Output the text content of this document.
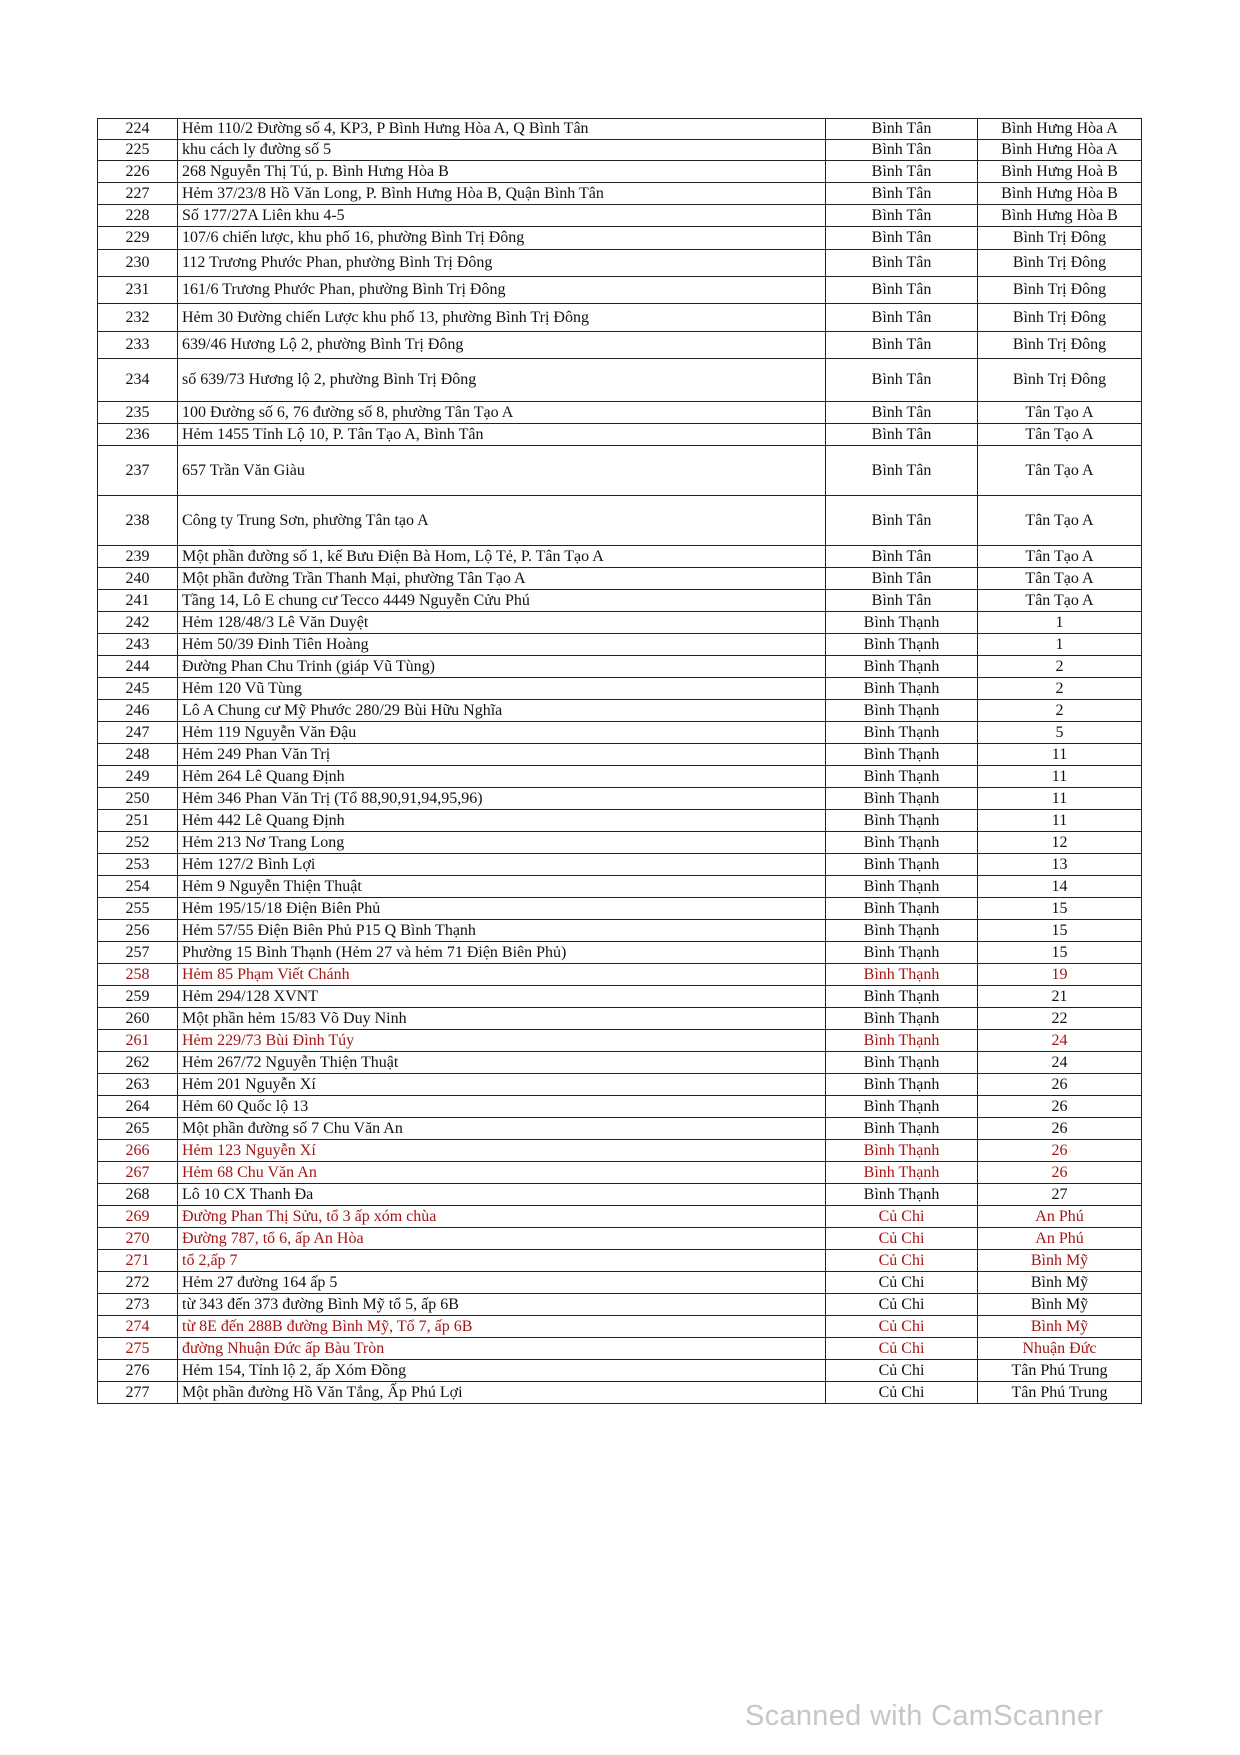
224	Hẻm 110/2 Đường số 4, KP3, P Bình Hưng Hòa A, Q Bình Tân	Bình Tân	Bình Hưng Hòa A
225	khu cách ly đường số 5	Bình Tân	Bình Hưng Hòa A
226	268 Nguyễn Thị Tú, p. Bình Hưng Hòa B	Bình Tân	Bình Hưng Hoà B
227	Hẻm 37/23/8 Hồ Văn Long, P. Bình Hưng Hòa B, Quận Bình Tân	Bình Tân	Bình Hưng Hòa B
228	Số 177/27A Liên khu 4-5	Bình Tân	Bình Hưng Hòa B
229	107/6 chiến lược, khu phố 16, phường Bình Trị Đông	Bình Tân	Bình Trị Đông
230	112 Trương Phước Phan, phường Bình Trị Đông	Bình Tân	Bình Trị Đông
231	161/6 Trương Phước Phan, phường Bình Trị Đông	Bình Tân	Bình Trị Đông
232	Hẻm 30 Đường chiến Lược khu phố 13, phường Bình Trị Đông	Bình Tân	Bình Trị Đông
233	639/46 Hương Lộ 2, phường Bình Trị Đông	Bình Tân	Bình Trị Đông
234	số 639/73 Hương lộ 2, phường Bình Trị Đông	Bình Tân	Bình Trị Đông
235	100 Đường số 6, 76 đường số 8, phường Tân Tạo A	Bình Tân	Tân Tạo A
236	Hẻm 1455 Tỉnh Lộ 10, P. Tân Tạo A, Bình Tân	Bình Tân	Tân Tạo A
237	657 Trần Văn Giàu	Bình Tân	Tân Tạo A
238	Công ty Trung Sơn, phường Tân tạo A	Bình Tân	Tân Tạo A
239	Một phần đường số 1, kế Bưu Điện Bà Hom, Lộ Tẻ, P. Tân Tạo A	Bình Tân	Tân Tạo A
240	Một phần đường Trần Thanh Mại, phường Tân Tạo A	Bình Tân	Tân Tạo A
241	Tầng 14, Lô E chung cư Tecco 4449 Nguyễn Cửu Phú	Bình Tân	Tân Tạo A
242	Hẻm 128/48/3 Lê Văn Duyệt	Bình Thạnh	1
243	Hẻm 50/39 Đinh Tiên Hoàng	Bình Thạnh	1
244	Đường Phan Chu Trinh (giáp Vũ Tùng)	Bình Thạnh	2
245	Hẻm 120 Vũ Tùng	Bình Thạnh	2
246	Lô A Chung cư Mỹ Phước 280/29 Bùi Hữu Nghĩa	Bình Thạnh	2
247	Hẻm 119 Nguyễn Văn Đậu	Bình Thạnh	5
248	Hẻm 249 Phan Văn Trị	Bình Thạnh	11
249	Hẻm 264 Lê Quang Định	Bình Thạnh	11
250	Hẻm 346 Phan Văn Trị (Tổ 88,90,91,94,95,96)	Bình Thạnh	11
251	Hẻm 442 Lê Quang Định	Bình Thạnh	11
252	Hẻm 213 Nơ Trang Long	Bình Thạnh	12
253	Hẻm 127/2 Bình Lợi	Bình Thạnh	13
254	Hẻm 9 Nguyễn Thiện Thuật	Bình Thạnh	14
255	Hẻm 195/15/18 Điện Biên Phủ	Bình Thạnh	15
256	Hẻm 57/55 Điện Biên Phủ P15 Q Bình Thạnh	Bình Thạnh	15
257	Phường 15 Bình Thạnh (Hẻm 27 và hẻm 71 Điện Biên Phủ)	Bình Thạnh	15
258	Hẻm 85 Phạm Viết Chánh	Bình Thạnh	19
259	Hẻm 294/128 XVNT	Bình Thạnh	21
260	Một phần hẻm 15/83 Võ Duy Ninh	Bình Thạnh	22
261	Hẻm 229/73 Bùi Đình Túy	Bình Thạnh	24
262	Hẻm 267/72 Nguyễn Thiện Thuật	Bình Thạnh	24
263	Hẻm 201 Nguyễn Xí	Bình Thạnh	26
264	Hẻm 60 Quốc lộ 13	Bình Thạnh	26
265	Một phần đường số 7 Chu Văn An	Bình Thạnh	26
266	Hẻm 123 Nguyễn Xí	Bình Thạnh	26
267	Hẻm 68 Chu Văn An	Bình Thạnh	26
268	Lô 10 CX Thanh Đa	Bình Thạnh	27
269	Đường Phan Thị Sửu, tổ 3 ấp xóm chùa	Củ Chi	An Phú
270	Đường 787, tổ 6, ấp An Hòa	Củ Chi	An Phú
271	tổ 2,ấp 7	Củ Chi	Bình Mỹ
272	Hẻm 27 đường 164 ấp 5	Củ Chi	Bình Mỹ
273	từ 343 đến 373 đường Bình Mỹ tổ 5, ấp 6B	Củ Chi	Bình Mỹ
274	từ 8E đến 288B đường Bình Mỹ, Tổ 7, ấp 6B	Củ Chi	Bình Mỹ
275	đường Nhuận Đức ấp Bàu Tròn	Củ Chi	Nhuận Đức
276	Hẻm 154, Tỉnh lộ 2, ấp Xóm Đồng	Củ Chi	Tân Phú Trung
277	Một phần đường Hồ Văn Tắng, Ấp Phú Lợi	Củ Chi	Tân Phú Trung
Scanned with CamScanner
